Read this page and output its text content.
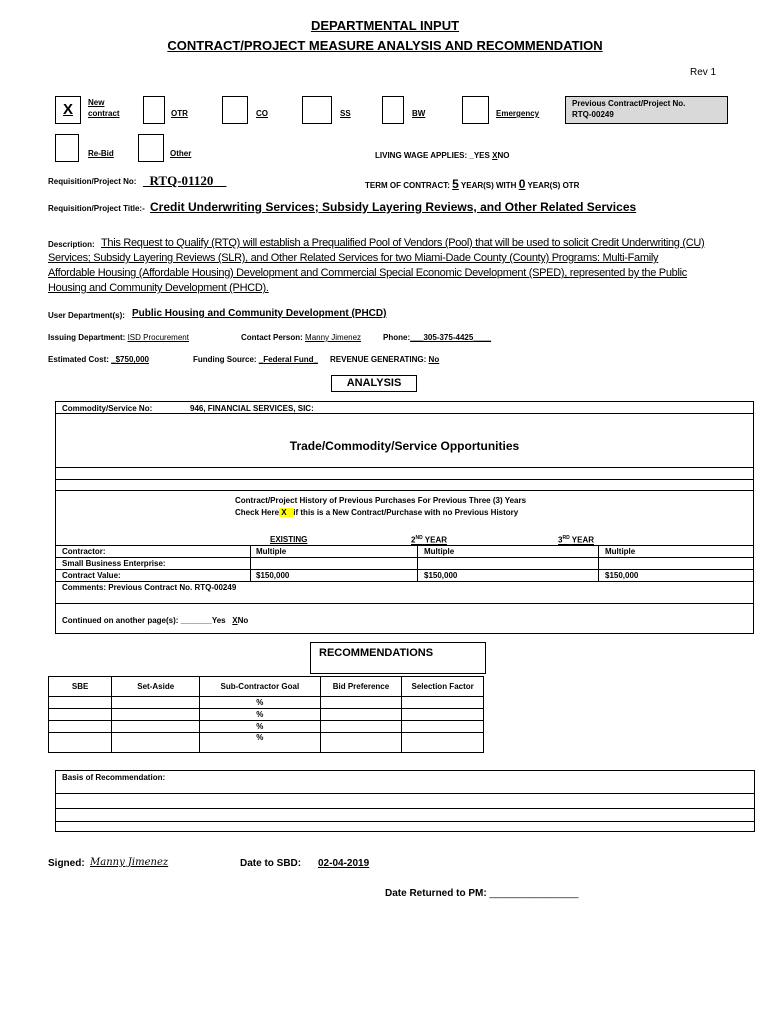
DEPARTMENTAL INPUT
CONTRACT/PROJECT MEASURE ANALYSIS AND RECOMMENDATION
Rev 1
X	New
contract	OTR	CO	SS	BW	Emergency
Previous Contract/Project No.
RTQ-00249
Re-Bid	Other	LIVING WAGE APPLIES: _YES XNO
Requisition/Project No: _RTQ-01120__	TERM OF CONTRACT: 5 YEAR(S) WITH 0 YEAR(S) OTR
Requisition/Project Title:- Credit Underwriting Services; Subsidy Layering Reviews, and Other Related Services
Description: This Request to Qualify (RTQ) will establish a Prequalified Pool of Vendors (Pool) that will be used to solicit Credit Underwriting (CU)
Services; Subsidy Layering Reviews (SLR), and Other Related Services for two Miami-Dade County (County) Programs: Multi-Family
Affordable Housing (Affordable Housing) Development and Commercial Special Economic Development (SPED), represented by the Public
Housing and Community Development (PHCD).
User Department(s): Public Housing and Community Development (PHCD)
Issuing Department: ISD Procurement	Contact Person: Manny Jimenez	Phone:___305-375-4425____
Estimated Cost: _$750,000	Funding Source: _Federal Fund_ REVENUE GENERATING: No
ANALYSIS
Commodity/Service No:	946, FINANCIAL SERVICES, SIC:
Trade/Commodity/Service Opportunities
Contract/Project History of Previous Purchases For Previous Three (3) Years
Check Here X if this is a New Contract/Purchase with no Previous History
EXISTING	2ND YEAR	3RD YEAR
Contractor:	Multiple	Multiple	Multiple
Small Business Enterprise:
Contract Value:	$150,000	$150,000	$150,000
Comments: Previous Contract No. RTQ-00249
Continued on another page(s): _______Yes XNo
RECOMMENDATIONS
SBE	Set-Aside	Sub-Contractor Goal	Bid Preference	Selection Factor
		%		
		%		
		%		
		%		
Basis of Recommendation:
Signed: Manny Jimenez	Date to SBD: 02-04-2019
Date Returned to PM: ________________
